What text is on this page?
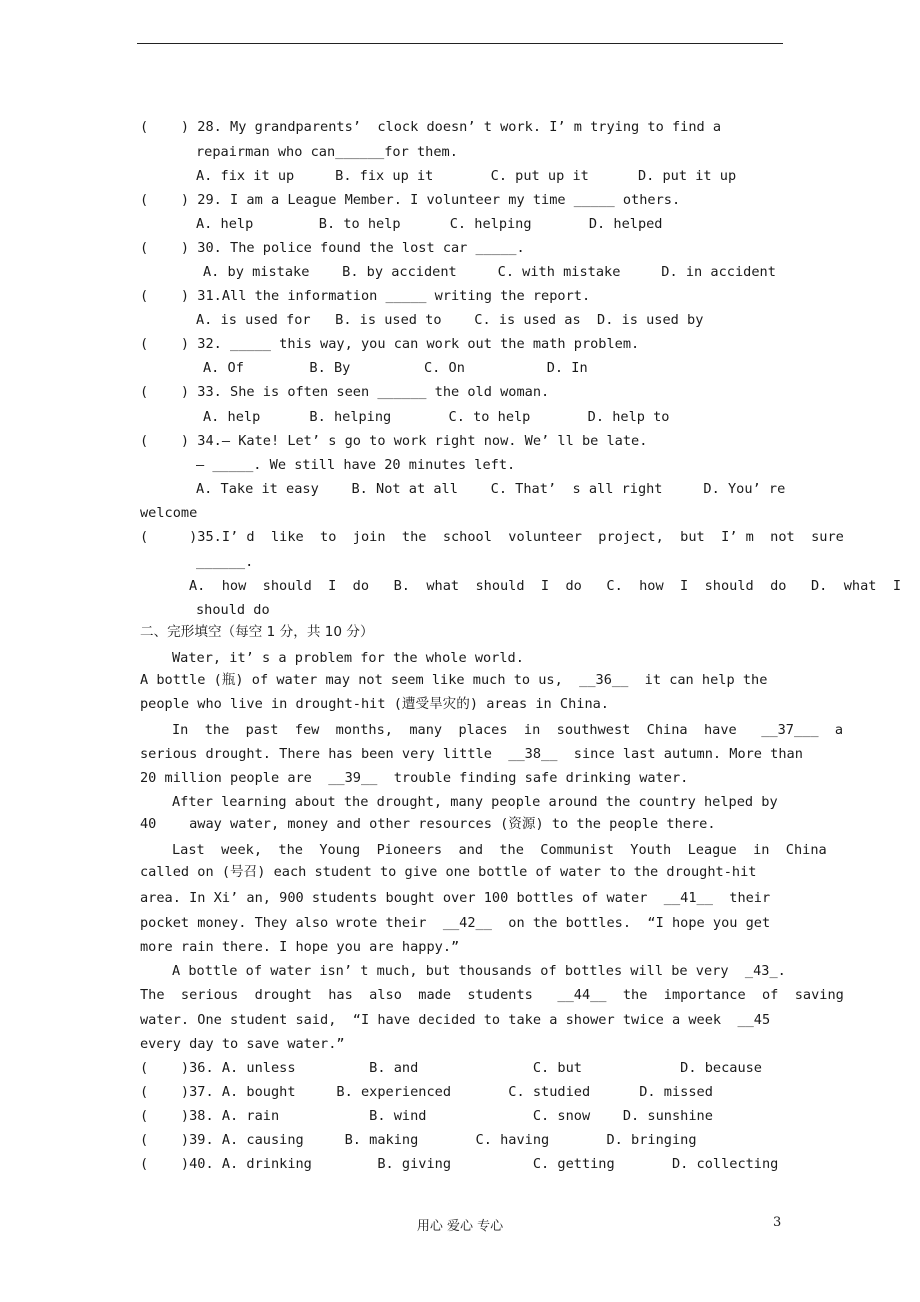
(    ) 28. My grandparents’  clock doesn’ t work. I’ m trying to find a
repairman who can______for them.
A. fix it up     B. fix up it       C. put up it      D. put it up
(    ) 29. I am a League Member. I volunteer my time _____ others.
A. help        B. to help      C. helping       D. helped
(    ) 30. The police found the lost car _____.
A. by mistake    B. by accident     C. with mistake     D. in accident
(    ) 31.All the information _____ writing the report.
A. is used for   B. is used to    C. is used as  D. is used by
(    ) 32. _____ this way, you can work out the math problem.
A. Of        B. By         C. On          D. In
(    ) 33. She is often seen ______ the old woman.
A. help      B. helping       C. to help       D. help to
(    ) 34.— Kate! Let’ s go to work right now. We’ ll be late.
— _____. We still have 20 minutes left.
A. Take it easy    B. Not at all    C. That’  s all right     D. You’ re
welcome
(     )35.I’ d  like  to  join  the  school  volunteer  project,  but  I’ m  not  sure
______.
A.  how  should  I  do   B.  what  should  I  do   C.  how  I  should  do   D.  what  I
should do
Water, it’ s a problem for the whole world.
A bottle (瓶) of water may not seem like much to us,  __36__  it can help the
people who live in drought-hit (遭受旱灾的) areas in China.
In  the  past  few  months,  many  places  in  southwest  China  have   __37___  a
serious drought. There has been very little  __38__  since last autumn. More than
20 million people are  __39__  trouble finding safe drinking water.
After learning about the drought, many people around the country helped by
40    away water, money and other resources (资源) to the people there.
Last  week,  the  Young  Pioneers  and  the  Communist  Youth  League  in  China
called on (号召) each student to give one bottle of water to the drought-hit
area. In Xi’ an, 900 students bought over 100 bottles of water  __41__  their
pocket money. They also wrote their  __42__  on the bottles.  “I hope you get
more rain there. I hope you are happy.”
A bottle of water isn’ t much, but thousands of bottles will be very  _43_.
The  serious  drought  has  also  made  students   __44__  the  importance  of  saving
water. One student said,  “I have decided to take a shower twice a week  __45
every day to save water.”
(    )36. A. unless         B. and              C. but            D. because
(    )37. A. bought     B. experienced       C. studied      D. missed
(    )38. A. rain           B. wind             C. snow    D. sunshine
(    )39. A. causing     B. making       C. having       D. bringing
(    )40. A. drinking        B. giving          C. getting       D. collecting
二、完形填空（每空 1 分，共 10 分）
用心 爱心 专心	3
